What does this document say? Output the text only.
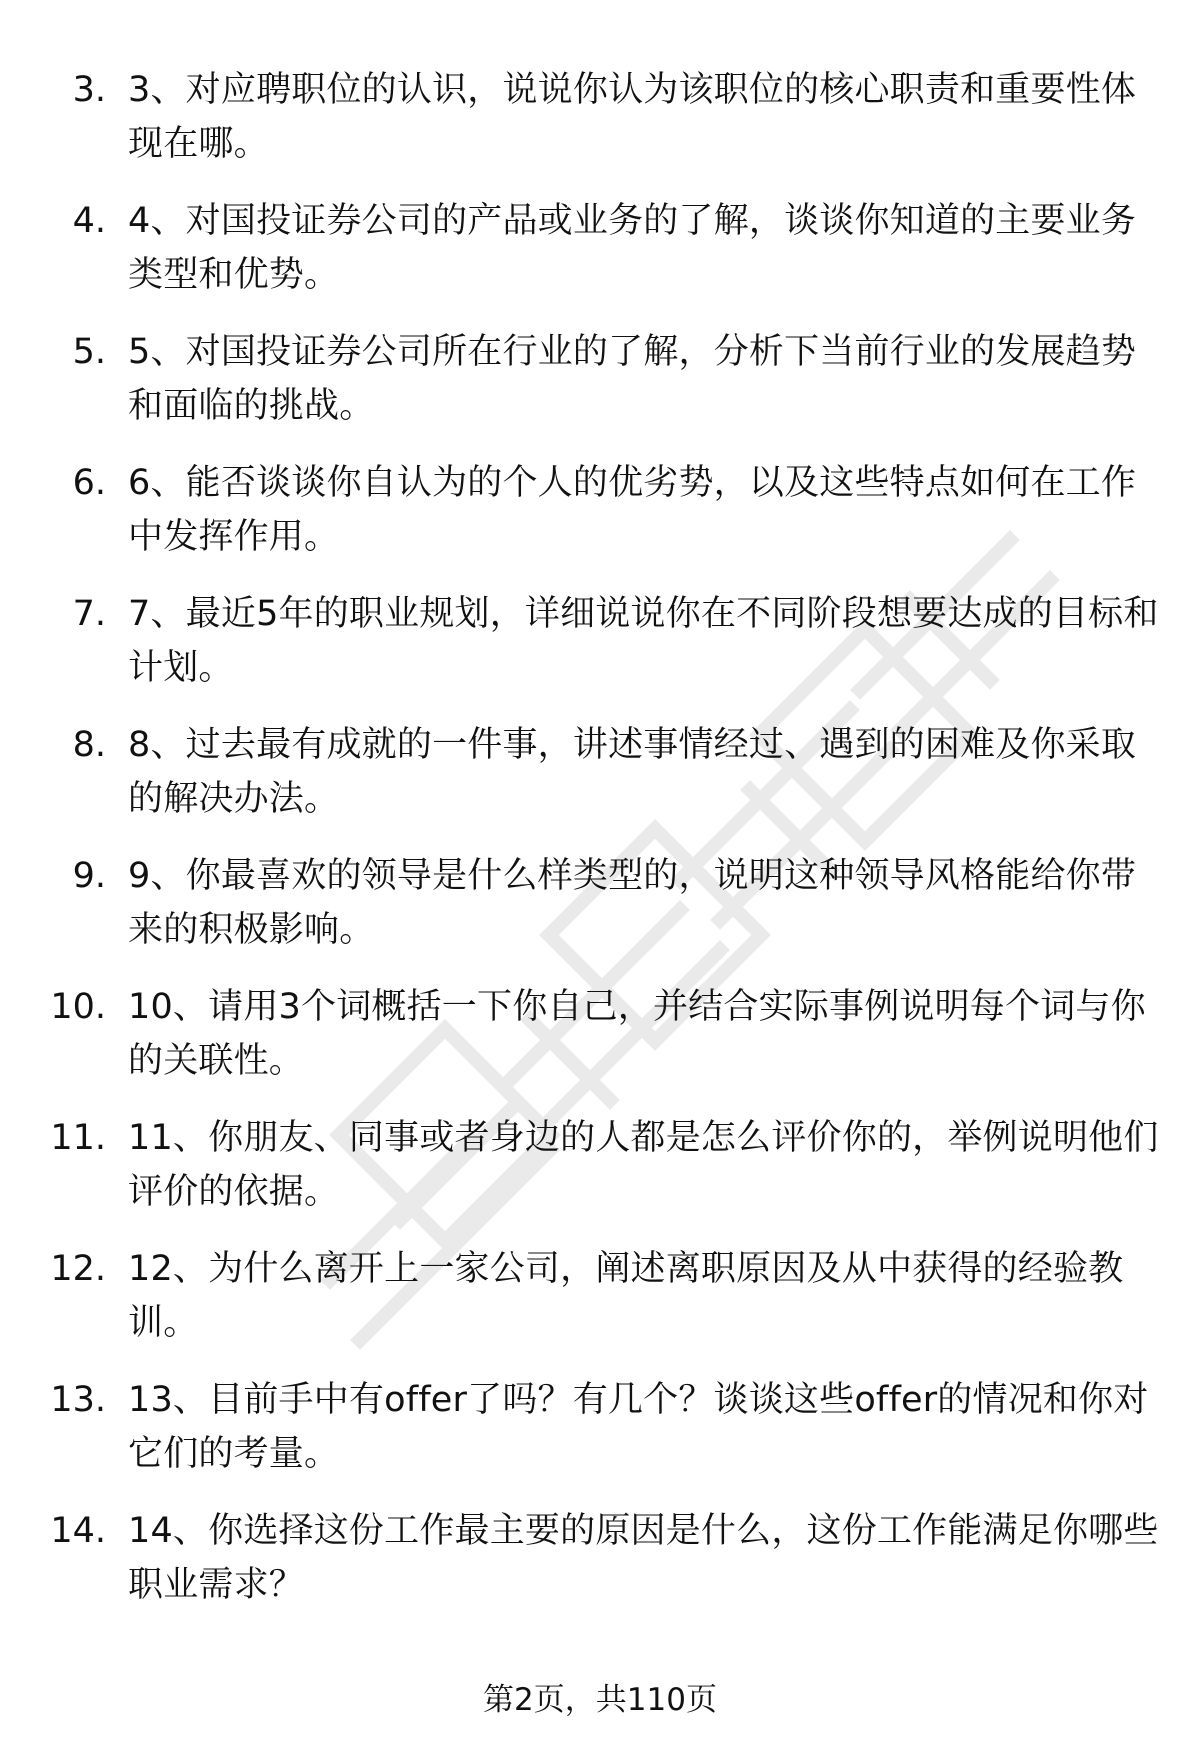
3. 3、对应聘职位的认识，说说你认为该职位的核心职责和重要性体现在哪。
4. 4、对国投证券公司的产品或业务的了解，谈谈你知道的主要业务类型和优势。
5. 5、对国投证券公司所在行业的了解，分析下当前行业的发展趋势和面临的挑战。
6. 6、能否谈谈你自认为的个人的优劣势，以及这些特点如何在工作中发挥作用。
7. 7、最近5年的职业规划，详细说说你在不同阶段想要达成的目标和计划。
8. 8、过去最有成就的一件事，讲述事情经过、遇到的困难及你采取的解决办法。
9. 9、你最喜欢的领导是什么样类型的，说明这种领导风格能给你带来的积极影响。
10. 10、请用3个词概括一下你自己，并结合实际事例说明每个词与你的关联性。
11. 11、你朋友、同事或者身边的人都是怎么评价你的，举例说明他们评价的依据。
12. 12、为什么离开上一家公司，阐述离职原因及从中获得的经验教训。
13. 13、目前手中有offer了吗？有几个？谈谈这些offer的情况和你对它们的考量。
14. 14、你选择这份工作最主要的原因是什么，这份工作能满足你哪些职业需求？
第2页，共110页
